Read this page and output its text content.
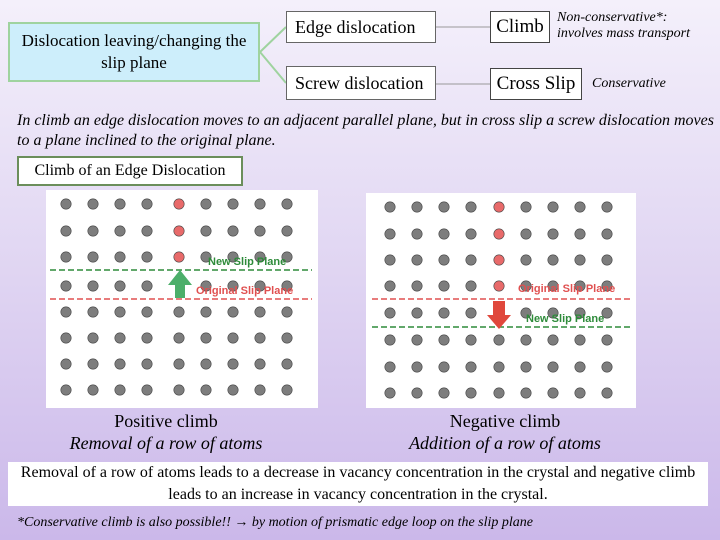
Dislocation leaving/changing the slip plane
Edge dislocation
Screw dislocation
Climb
Cross Slip
Non-conservative*:
involves mass transport
Conservative
In climb an edge dislocation moves to an adjacent parallel plane, but in cross slip a screw dislocation moves to a plane inclined to the original plane.
Climb of an Edge Dislocation
New Slip Plane
Original Slip Plane	Original Slip Plane
New Slip Plane
Positive climb
Removal of a row of atoms
Negative climb
Addition of a row of atoms
Removal of a row of atoms leads to a decrease in vacancy concentration in the crystal and negative climb leads to an increase in vacancy concentration in the crystal.
*Conservative climb is also possible!! → by motion of prismatic edge loop on the slip plane
